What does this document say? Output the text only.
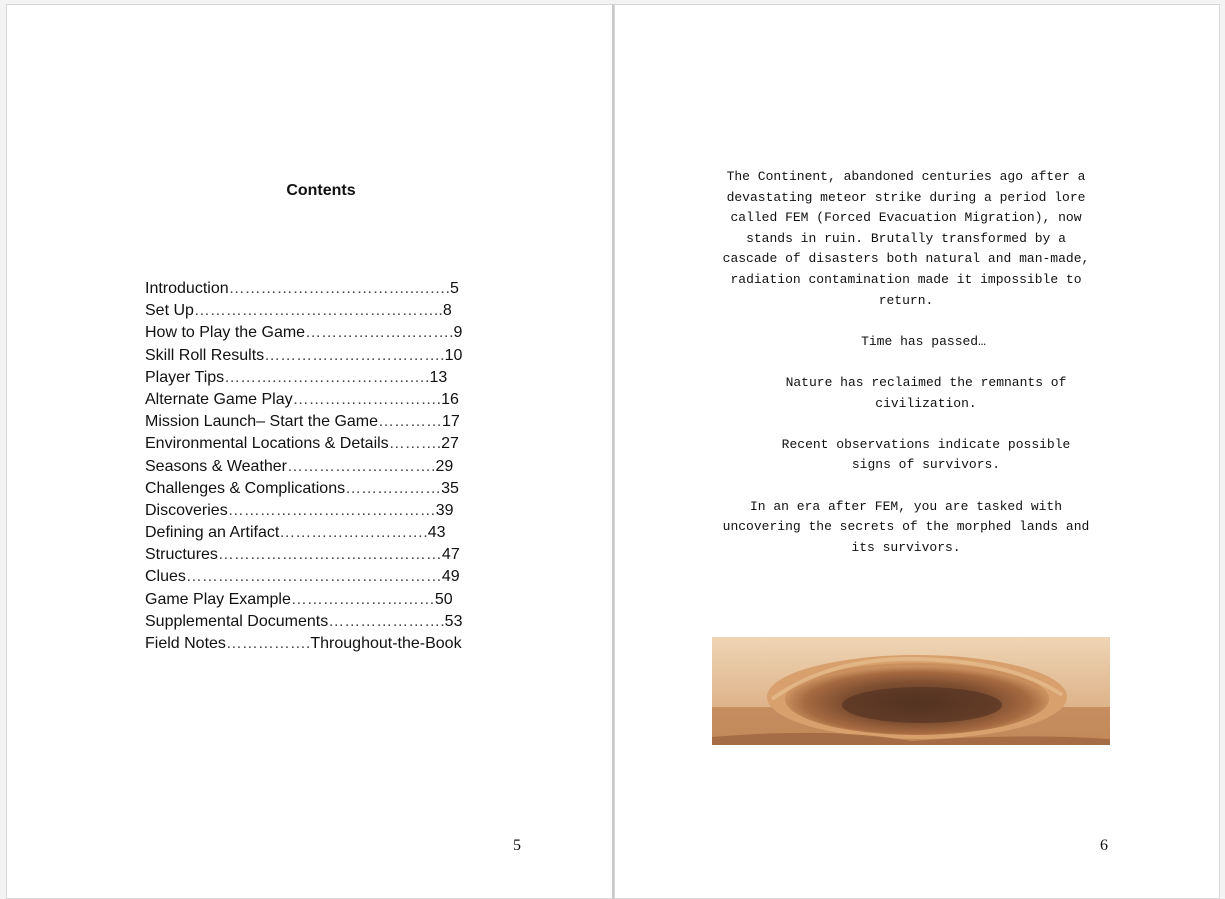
Contents
Introduction…………………………….….….5
Set Up………………………………………..8
How to Play the Game……………………….9
Skill Roll Results…………………………….10
Player Tips……….…………………….….13
Alternate Game Play……………………….16
Mission Launch– Start the Game…………17
Environmental Locations & Details……….27
Seasons & Weather……………………….29
Challenges & Complications………………35
Discoveries…………………………………39
Defining an Artifact……………………….43
Structures……………………………………47
Clues…………………………………………49
Game Play Example………………………50
Supplemental Documents………………….53
Field Notes…………….Throughout-the-Book
5

The Continent, abandoned centuries ago after a
devastating meteor strike during a period lore
called FEM (Forced Evacuation Migration), now
stands in ruin. Brutally transformed by a
cascade of disasters both natural and man-made,
radiation contamination made it impossible to
return.

Time has passed…

Nature has reclaimed the remnants of
civilization.

Recent observations indicate possible
signs of survivors.

In an era after FEM, you are tasked with
uncovering the secrets of the morphed lands and
its survivors.

6
